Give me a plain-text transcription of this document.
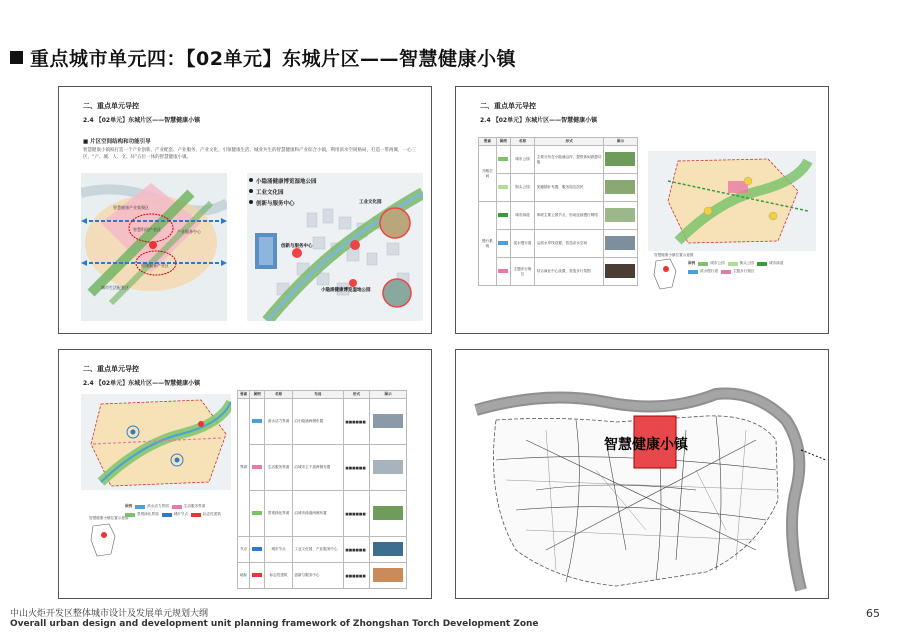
重点城市单元四：【02单元】东城片区——智慧健康小镇
二、重点单元导控
2.4 【02单元】东城片区——智慧健康小镇
■ 片区空间结构和功能引导
智慧健康小镇拟打造一个产业创新、产业配套、产业服务、产业文化、引领健康生活、城业共生的智慧健康和产业综合小镇，利用滨水空间格局，打造一带两翼，一心三区，“产、城、人、文、环”五位一体的智慧健康小镇。
智慧健康产业集聚区
智慧科创产业区	产业服务中心
健康服务产业区
城市生活配套区
创新与服务中心
小隐涌健康博览湿地公园
工业文化园
小隐涌健康博览湿地公园
工业文化园
创新与服务中心
二、重点单元导控
2.4 【02单元】东城片区——智慧健康小镇
要素	图例	名称	形式	图示
开敞空间		城市公园	主要分布在小隐涌沿岸，提供休闲游憩功能	
		街头公园	见缝插针布置，服务周边居民	
慢行系统		城市绿道	串联主要公园节点，形成连续慢行网络	
		滨水慢行道	沿滨水岸线设置，营造亲水空间	
		主题步行街区	结合商业中心设置，营造步行氛围	
智慧健康小镇位置示意图
图例	城市公园	街头公园	城市绿道
滨水慢行道	主题步行街区
二、重点单元导控
2.4 【02单元】东城片区——智慧健康小镇
智慧健康小镇位置示意图
图例	滨水活力界面	生活服务界面
景观绿化界面	城市节点	标志性建筑
要素	图例	名称	布局	形式	图示
界面		滨水活力界面	沿小隐涌两侧布置	■■■■■■	
		生活服务界面	沿城市主干道两侧布置	■■■■■■	
		景观绿化界面	沿城市绿道两侧布置	■■■■■■	
节点		城市节点	工业文化园、产业服务中心	■■■■■■	
地标		标志性建筑	创新与服务中心	■■■■■■	
智慧健康小镇
中山火炬开发区整体城市设计及发展单元规划大纲
Overall urban design and development unit planning framework of Zhongshan Torch Development Zone
65
